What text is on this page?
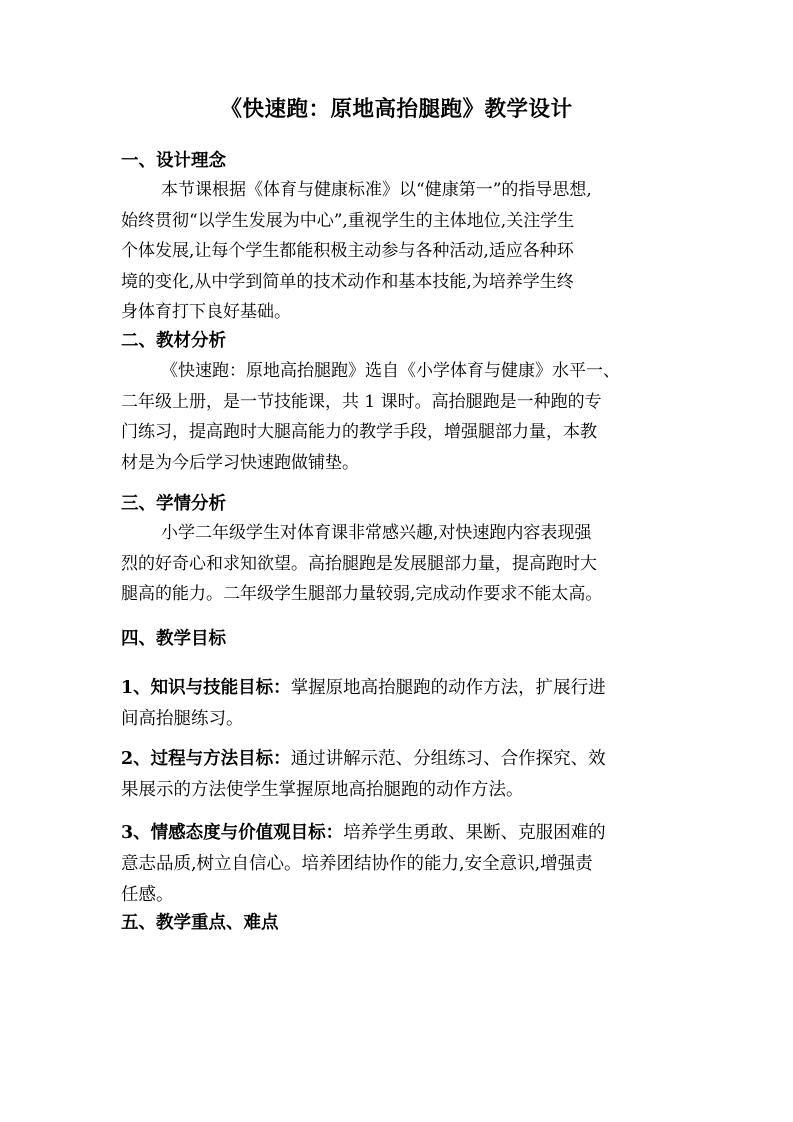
《快速跑：原地高抬腿跑》教学设计
一、设计理念
本节课根据《体育与健康标准》以“健康第一”的指导思想,
始终贯彻“以学生发展为中心”,重视学生的主体地位,关注学生
个体发展,让每个学生都能积极主动参与各种活动,适应各种环
境的变化,从中学到简单的技术动作和基本技能,为培养学生终
身体育打下良好基础。
二、教材分析
《快速跑：原地高抬腿跑》选自《小学体育与健康》水平一、
二年级上册，是一节技能课，共 1 课时。高抬腿跑是一种跑的专
门练习，提高跑时大腿高能力的教学手段，增强腿部力量，本教
材是为今后学习快速跑做铺垫。
三、学情分析
小学二年级学生对体育课非常感兴趣,对快速跑内容表现强
烈的好奇心和求知欲望。高抬腿跑是发展腿部力量，提高跑时大
腿高的能力。二年级学生腿部力量较弱,完成动作要求不能太高。
四、教学目标
1、知识与技能目标：掌握原地高抬腿跑的动作方法，扩展行进
间高抬腿练习。
2、过程与方法目标：通过讲解示范、分组练习、合作探究、效
果展示的方法使学生掌握原地高抬腿跑的动作方法。
3、情感态度与价值观目标：培养学生勇敢、果断、克服困难的
意志品质,树立自信心。培养团结协作的能力,安全意识,增强责
任感。
五、教学重点、难点
